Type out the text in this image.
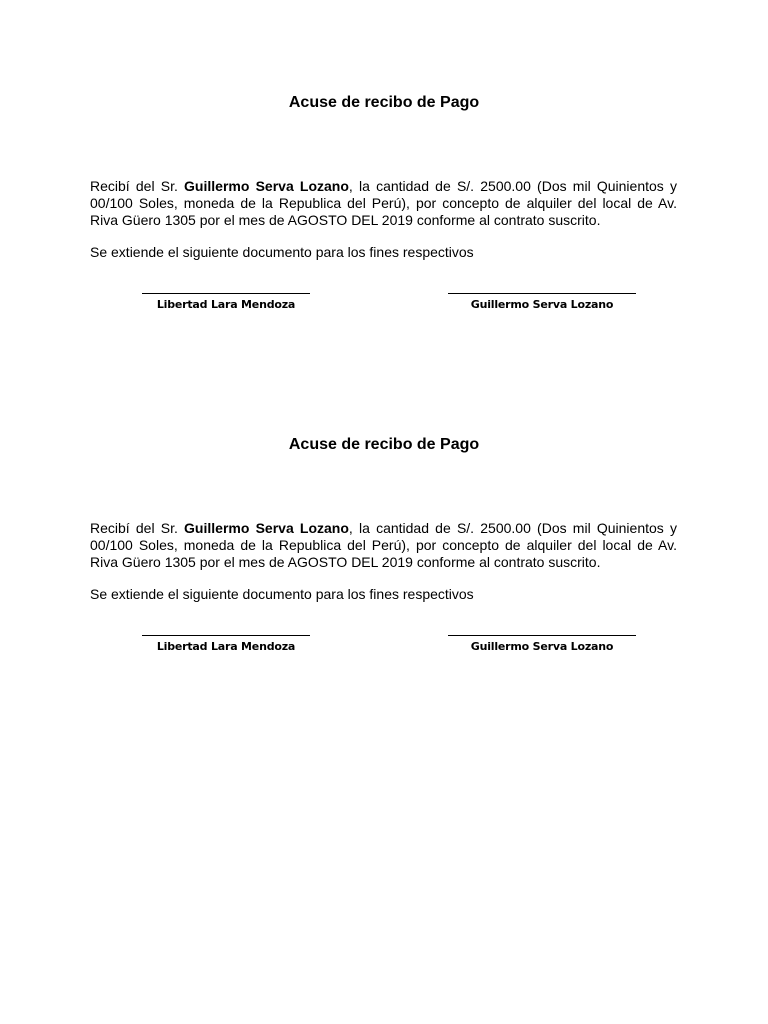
Acuse de recibo de Pago

Recibí del Sr. Guillermo Serva Lozano, la cantidad de S/. 2500.00 (Dos mil Quinientos y 00/100 Soles, moneda de la Republica del Perú), por concepto de alquiler del local de Av. Riva Güero 1305 por el mes de AGOSTO DEL 2019 conforme al contrato suscrito.

Se extiende el siguiente documento para los fines respectivos
Libertad Lara Mendoza	Guillermo Serva Lozano
Acuse de recibo de Pago

Recibí del Sr. Guillermo Serva Lozano, la cantidad de S/. 2500.00 (Dos mil Quinientos y 00/100 Soles, moneda de la Republica del Perú), por concepto de alquiler del local de Av. Riva Güero 1305 por el mes de AGOSTO DEL 2019 conforme al contrato suscrito.

Se extiende el siguiente documento para los fines respectivos
Libertad Lara Mendoza	Guillermo Serva Lozano
